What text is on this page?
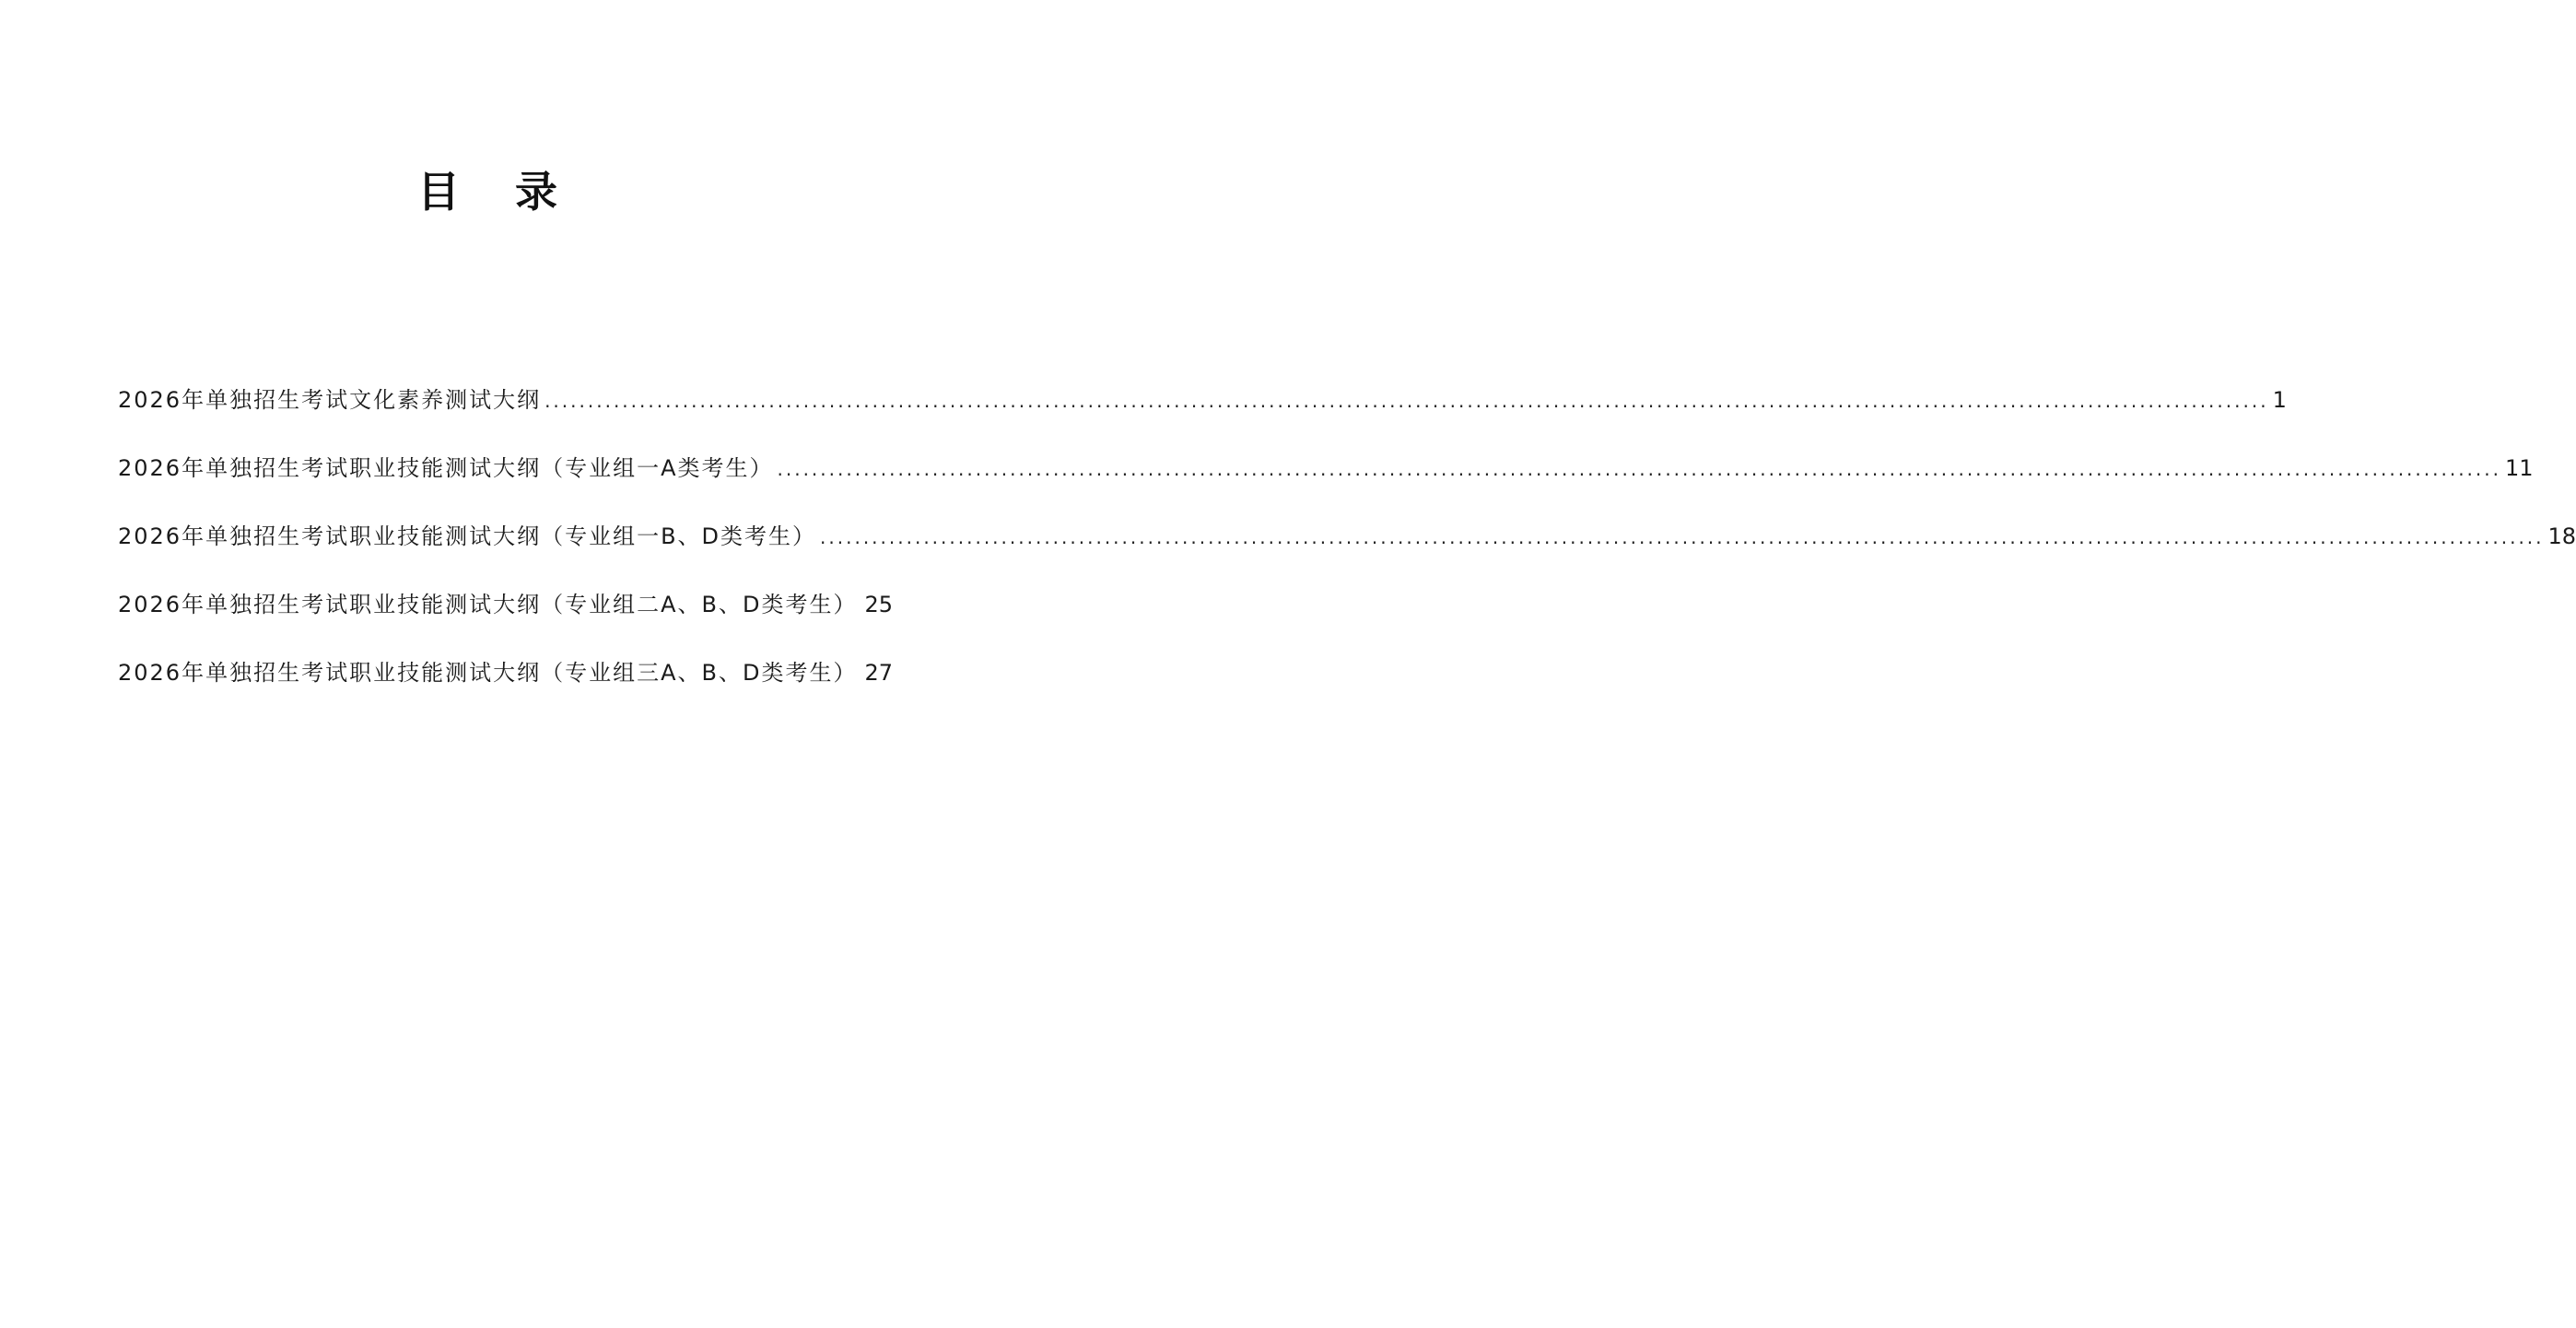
目 录
2026年单独招生考试文化素养测试大纲 ........................................................................................................................................................................................................ 1
2026年单独招生考试职业技能测试大纲（专业组一A类考生） ........................................................................................................................................................................................................ 11
2026年单独招生考试职业技能测试大纲（专业组一B、D类考生） ........................................................................................................................................................................................................ 18
2026年单独招生考试职业技能测试大纲（专业组二A、B、D类考生） 25
2026年单独招生考试职业技能测试大纲（专业组三A、B、D类考生） 27
